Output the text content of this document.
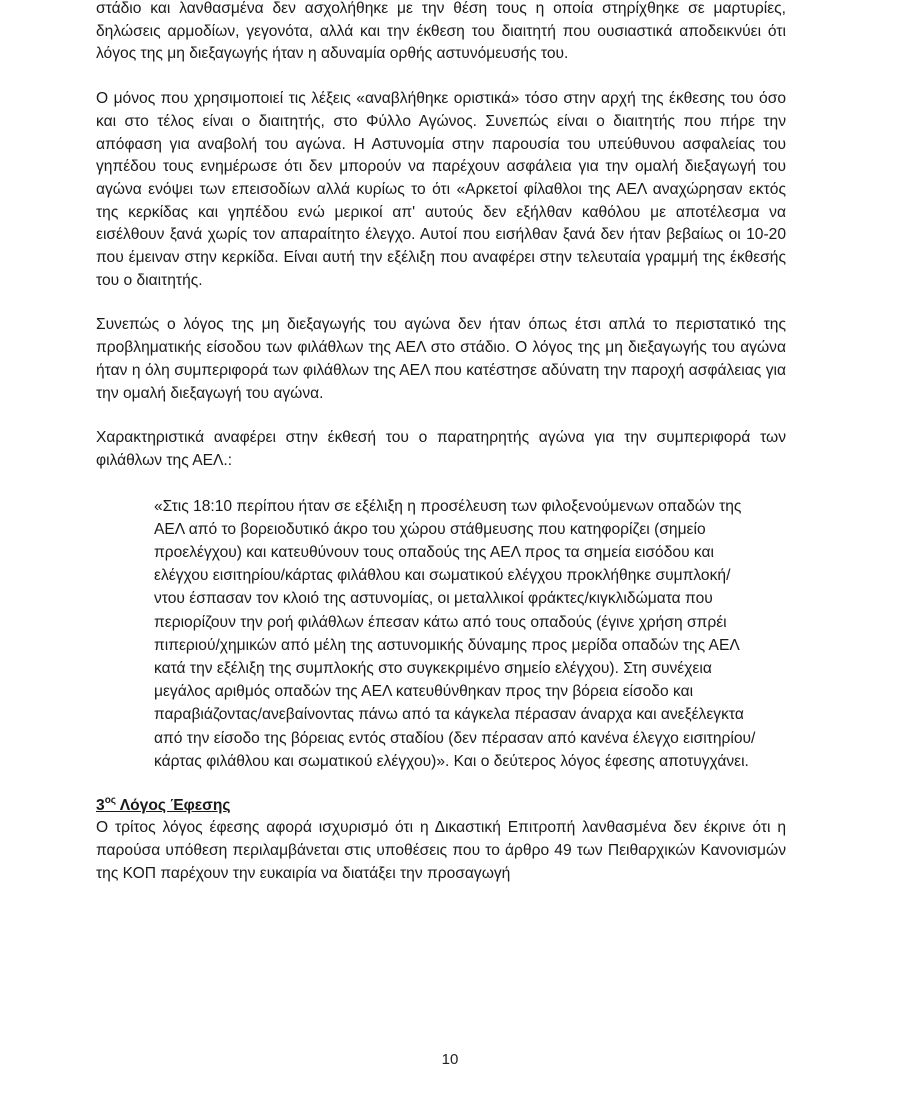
στάδιο και λανθασμένα δεν ασχολήθηκε με την θέση τους η οποία στηρίχθηκε σε μαρτυρίες, δηλώσεις αρμοδίων, γεγονότα, αλλά και την έκθεση του διαιτητή που ουσιαστικά αποδεικνύει ότι λόγος της μη διεξαγωγής ήταν η αδυναμία ορθής αστυνόμευσής του.

Ο μόνος που χρησιμοποιεί τις λέξεις «αναβλήθηκε οριστικά» τόσο στην αρχή της έκθεσης του όσο και στο τέλος είναι ο διαιτητής, στο Φύλλο Αγώνος. Συνεπώς είναι ο διαιτητής που πήρε την απόφαση για αναβολή του αγώνα. Η Αστυνομία στην παρουσία του υπεύθυνου ασφαλείας του γηπέδου τους ενημέρωσε ότι δεν μπορούν να παρέχουν ασφάλεια για την ομαλή διεξαγωγή του αγώνα ενόψει των επεισοδίων αλλά κυρίως το ότι «Αρκετοί φίλαθλοι της ΑΕΛ αναχώρησαν εκτός της κερκίδας και γηπέδου ενώ μερικοί απ' αυτούς δεν εξήλθαν καθόλου με αποτέλεσμα να εισέλθουν ξανά χωρίς τον απαραίτητο έλεγχο. Αυτοί που εισήλθαν ξανά δεν ήταν βεβαίως οι 10-20 που έμειναν στην κερκίδα. Είναι αυτή την εξέλιξη που αναφέρει στην τελευταία γραμμή της έκθεσής του ο διαιτητής.

Συνεπώς ο λόγος της μη διεξαγωγής του αγώνα δεν ήταν όπως έτσι απλά το περιστατικό της προβληματικής είσοδου των φιλάθλων της ΑΕΛ στο στάδιο. Ο λόγος της μη διεξαγωγής του αγώνα ήταν η όλη συμπεριφορά των φιλάθλων της ΑΕΛ που κατέστησε αδύνατη την παροχή ασφάλειας για την ομαλή διεξαγωγή του αγώνα.

Χαρακτηριστικά αναφέρει στην έκθεσή του ο παρατηρητής αγώνα για την συμπεριφορά των φιλάθλων της ΑΕΛ.:

«Στις 18:10 περίπου ήταν σε εξέλιξη η προσέλευση των φιλοξενούμενων οπαδών της ΑΕΛ από το βορειοδυτικό άκρο του χώρου στάθμευσης που κατηφορίζει (σημείο προελέγχου) και κατευθύνουν τους οπαδούς της ΑΕΛ προς τα σημεία εισόδου και ελέγχου εισιτηρίου/κάρτας φιλάθλου και σωματικού ελέγχου προκλήθηκε συμπλοκή/ντου έσπασαν τον κλοιό της αστυνομίας, οι μεταλλικοί φράκτες/κιγκλιδώματα που περιορίζουν την ροή φιλάθλων έπεσαν κάτω από τους οπαδούς (έγινε χρήση σπρέι πιπεριού/χημικών από μέλη της αστυνομικής δύναμης προς μερίδα οπαδών της ΑΕΛ κατά την εξέλιξη της συμπλοκής στο συγκεκριμένο σημείο ελέγχου). Στη συνέχεια μεγάλος αριθμός οπαδών της ΑΕΛ κατευθύνθηκαν προς την βόρεια είσοδο και παραβιάζοντας/ανεβαίνοντας πάνω από τα κάγκελα πέρασαν άναρχα και ανεξέλεγκτα από την είσοδο της βόρειας εντός σταδίου (δεν πέρασαν από κανένα έλεγχο εισιτηρίου/κάρτας φιλάθλου και σωματικού ελέγχου)». Και ο δεύτερος λόγος έφεσης αποτυγχάνει.

$3^{o\varsigma}$ Λόγος Έφεσης

Ο τρίτος λόγος έφεσης αφορά ισχυρισμό ότι η Δικαστική Επιτροπή λανθασμένα δεν έκρινε ότι η παρούσα υπόθεση περιλαμβάνεται στις υποθέσεις που το άρθρο 49 των Πειθαρχικών Κανονισμών της ΚΟΠ παρέχουν την ευκαιρία να διατάξει την προσαγωγή

10
